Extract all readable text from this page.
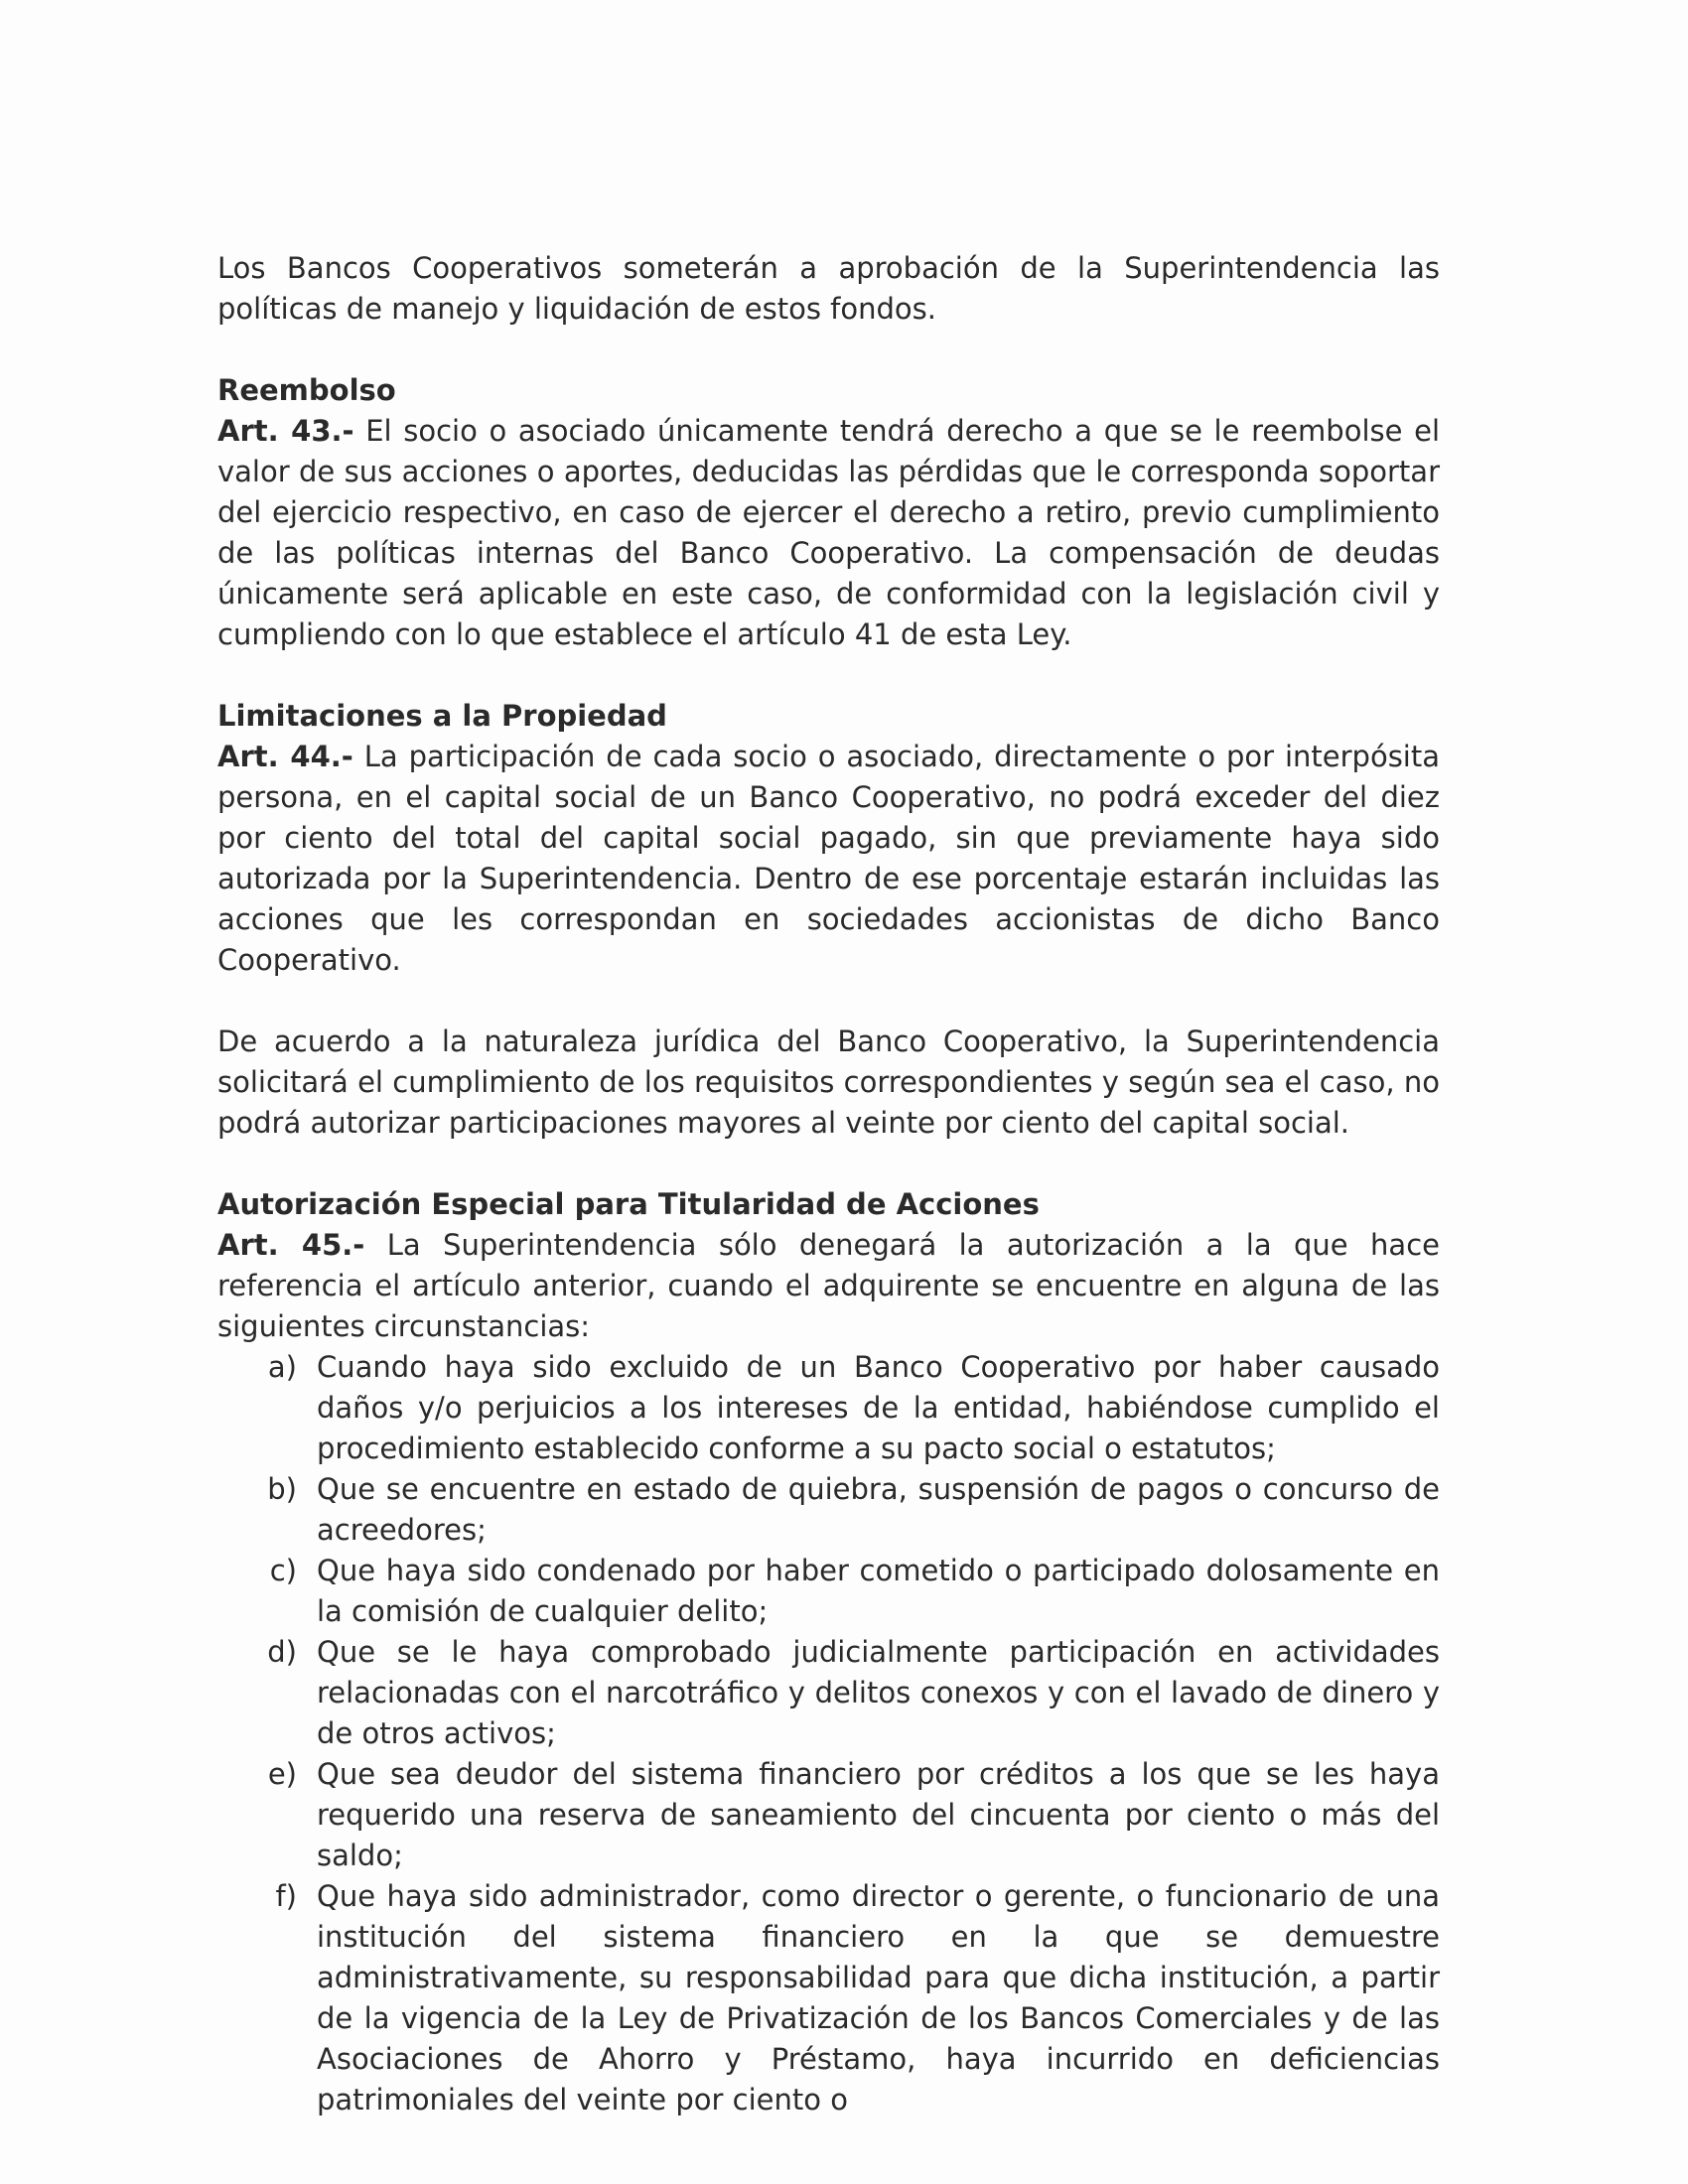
Los Bancos Cooperativos someterán a aprobación de la Superintendencia las políticas de manejo y liquidación de estos fondos.

Reembolso

Art. 43.- El socio o asociado únicamente tendrá derecho a que se le reembolse el valor de sus acciones o aportes, deducidas las pérdidas que le corresponda soportar del ejercicio respectivo, en caso de ejercer el derecho a retiro, previo cumplimiento de las políticas internas del Banco Cooperativo. La compensación de deudas únicamente será aplicable en este caso, de conformidad con la legislación civil y cumpliendo con lo que establece el artículo 41 de esta Ley.

Limitaciones a la Propiedad

Art. 44.- La participación de cada socio o asociado, directamente o por interpósita persona, en el capital social de un Banco Cooperativo, no podrá exceder del diez por ciento del total del capital social pagado, sin que previamente haya sido autorizada por la Superintendencia. Dentro de ese porcentaje estarán incluidas las acciones que les correspondan en sociedades accionistas de dicho Banco Cooperativo.

De acuerdo a la naturaleza jurídica del Banco Cooperativo, la Superintendencia solicitará el cumplimiento de los requisitos correspondientes y según sea el caso, no podrá autorizar participaciones mayores al veinte por ciento del capital social.

Autorización Especial para Titularidad de Acciones

Art. 45.- La Superintendencia sólo denegará la autorización a la que hace referencia el artículo anterior, cuando el adquirente se encuentre en alguna de las siguientes circunstancias:

a) Cuando haya sido excluido de un Banco Cooperativo por haber causado daños y/o perjuicios a los intereses de la entidad, habiéndose cumplido el procedimiento establecido conforme a su pacto social o estatutos;
b) Que se encuentre en estado de quiebra, suspensión de pagos o concurso de acreedores;
c) Que haya sido condenado por haber cometido o participado dolosamente en la comisión de cualquier delito;
d) Que se le haya comprobado judicialmente participación en actividades relacionadas con el narcotráfico y delitos conexos y con el lavado de dinero y de otros activos;
e) Que sea deudor del sistema financiero por créditos a los que se les haya requerido una reserva de saneamiento del cincuenta por ciento o más del saldo;
f) Que haya sido administrador, como director o gerente, o funcionario de una institución del sistema financiero en la que se demuestre administrativamente, su responsabilidad para que dicha institución, a partir de la vigencia de la Ley de Privatización de los Bancos Comerciales y de las Asociaciones de Ahorro y Préstamo, haya incurrido en deficiencias patrimoniales del veinte por ciento o
